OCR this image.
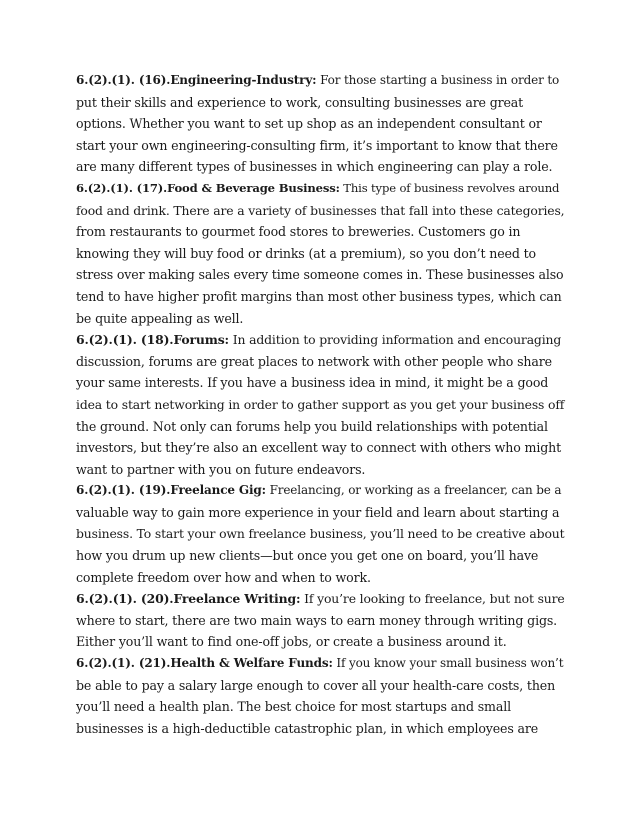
6.(2).(1). (16).Engineering-Industry: For those starting a business in order to
put their skills and experience to work, consulting businesses are great
options. Whether you want to set up shop as an independent consultant or
start your own engineering-consulting firm, it’s important to know that there
are many different types of businesses in which engineering can play a role.
6.(2).(1). (17).Food & Beverage Business: This type of business revolves around
food and drink. There are a variety of businesses that fall into these categories,
from restaurants to gourmet food stores to breweries. Customers go in
knowing they will buy food or drinks (at a premium), so you don’t need to
stress over making sales every time someone comes in. These businesses also
tend to have higher profit margins than most other business types, which can
be quite appealing as well.
6.(2).(1). (18).Forums: In addition to providing information and encouraging
discussion, forums are great places to network with other people who share
your same interests. If you have a business idea in mind, it might be a good
idea to start networking in order to gather support as you get your business off
the ground. Not only can forums help you build relationships with potential
investors, but they’re also an excellent way to connect with others who might
want to partner with you on future endeavors.
6.(2).(1). (19).Freelance Gig: Freelancing, or working as a freelancer, can be a
valuable way to gain more experience in your field and learn about starting a
business. To start your own freelance business, you’ll need to be creative about
how you drum up new clients—but once you get one on board, you’ll have
complete freedom over how and when to work.
6.(2).(1). (20).Freelance Writing: If you’re looking to freelance, but not sure
where to start, there are two main ways to earn money through writing gigs.
Either you’ll want to find one-off jobs, or create a business around it.
6.(2).(1). (21).Health & Welfare Funds: If you know your small business won’t
be able to pay a salary large enough to cover all your health-care costs, then
you’ll need a health plan. The best choice for most startups and small
businesses is a high-deductible catastrophic plan, in which employees are
